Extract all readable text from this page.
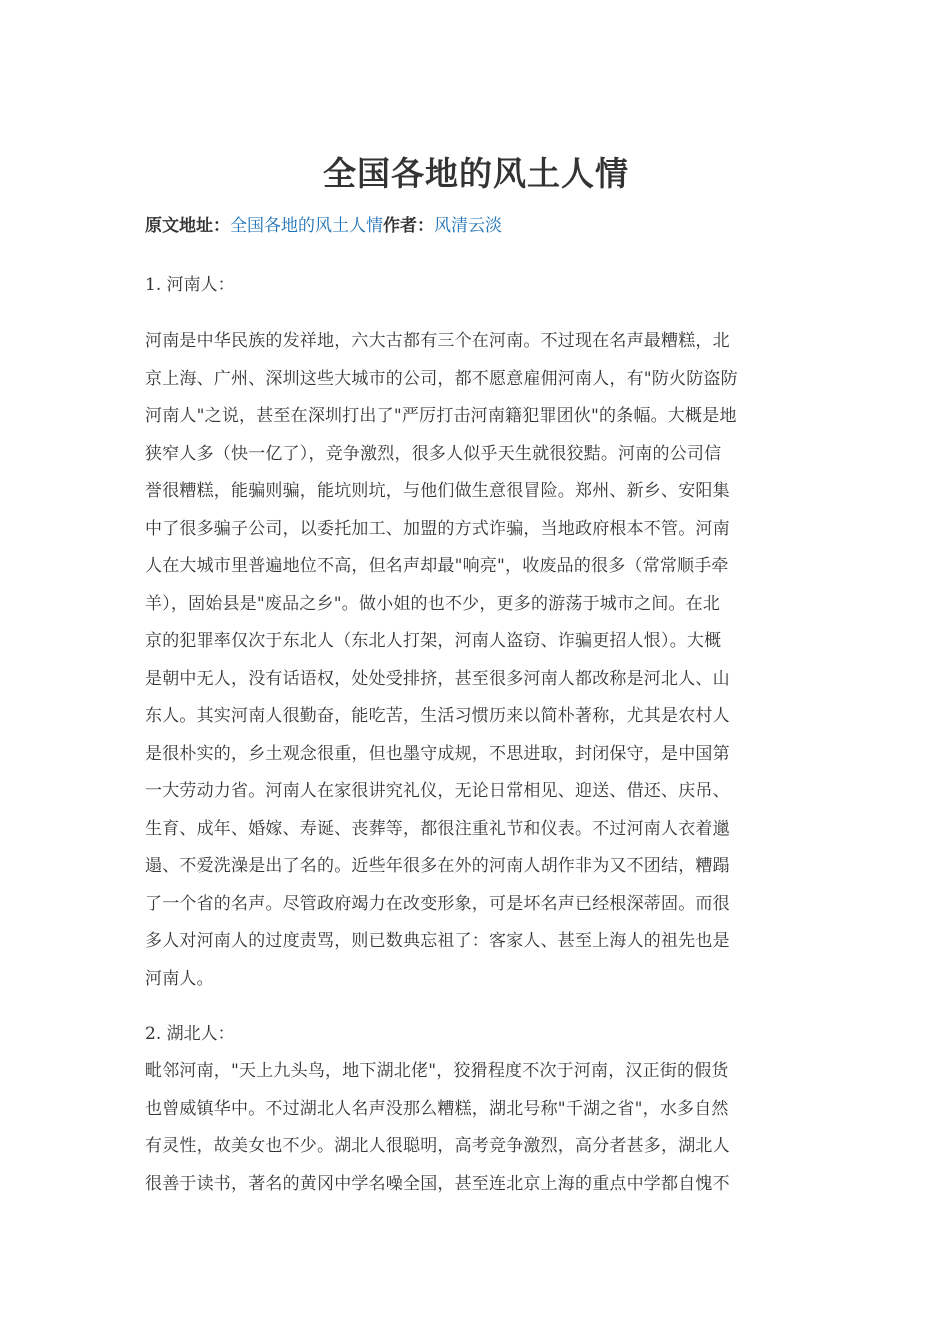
全国各地的风土人情
原文地址：全国各地的风土人情作者：风清云淡

1. 河南人：

河南是中华民族的发祥地，六大古都有三个在河南。不过现在名声最糟糕，北
京上海、广州、深圳这些大城市的公司，都不愿意雇佣河南人，有"防火防盗防
河南人"之说，甚至在深圳打出了"严厉打击河南籍犯罪团伙"的条幅。大概是地
狭窄人多（快一亿了），竞争激烈，很多人似乎天生就很狡黠。河南的公司信
誉很糟糕，能骗则骗，能坑则坑，与他们做生意很冒险。郑州、新乡、安阳集
中了很多骗子公司，以委托加工、加盟的方式诈骗，当地政府根本不管。河南
人在大城市里普遍地位不高，但名声却最"响亮"，收废品的很多（常常顺手牵
羊），固始县是"废品之乡"。做小姐的也不少，更多的游荡于城市之间。在北
京的犯罪率仅次于东北人（东北人打架，河南人盗窃、诈骗更招人恨）。大概
是朝中无人，没有话语权，处处受排挤，甚至很多河南人都改称是河北人、山
东人。其实河南人很勤奋，能吃苦，生活习惯历来以简朴著称，尤其是农村人
是很朴实的，乡土观念很重，但也墨守成规，不思进取，封闭保守，是中国第
一大劳动力省。河南人在家很讲究礼仪，无论日常相见、迎送、借还、庆吊、
生育、成年、婚嫁、寿诞、丧葬等，都很注重礼节和仪表。不过河南人衣着邋
遢、不爱洗澡是出了名的。近些年很多在外的河南人胡作非为又不团结，糟蹋
了一个省的名声。尽管政府竭力在改变形象，可是坏名声已经根深蒂固。而很
多人对河南人的过度责骂，则已数典忘祖了：客家人、甚至上海人的祖先也是
河南人。

2. 湖北人：

毗邻河南，"天上九头鸟，地下湖北佬"，狡猾程度不次于河南，汉正街的假货
也曾威镇华中。不过湖北人名声没那么糟糕，湖北号称"千湖之省"，水多自然
有灵性，故美女也不少。湖北人很聪明，高考竞争激烈，高分者甚多，湖北人
很善于读书，著名的黄冈中学名噪全国，甚至连北京上海的重点中学都自愧不
